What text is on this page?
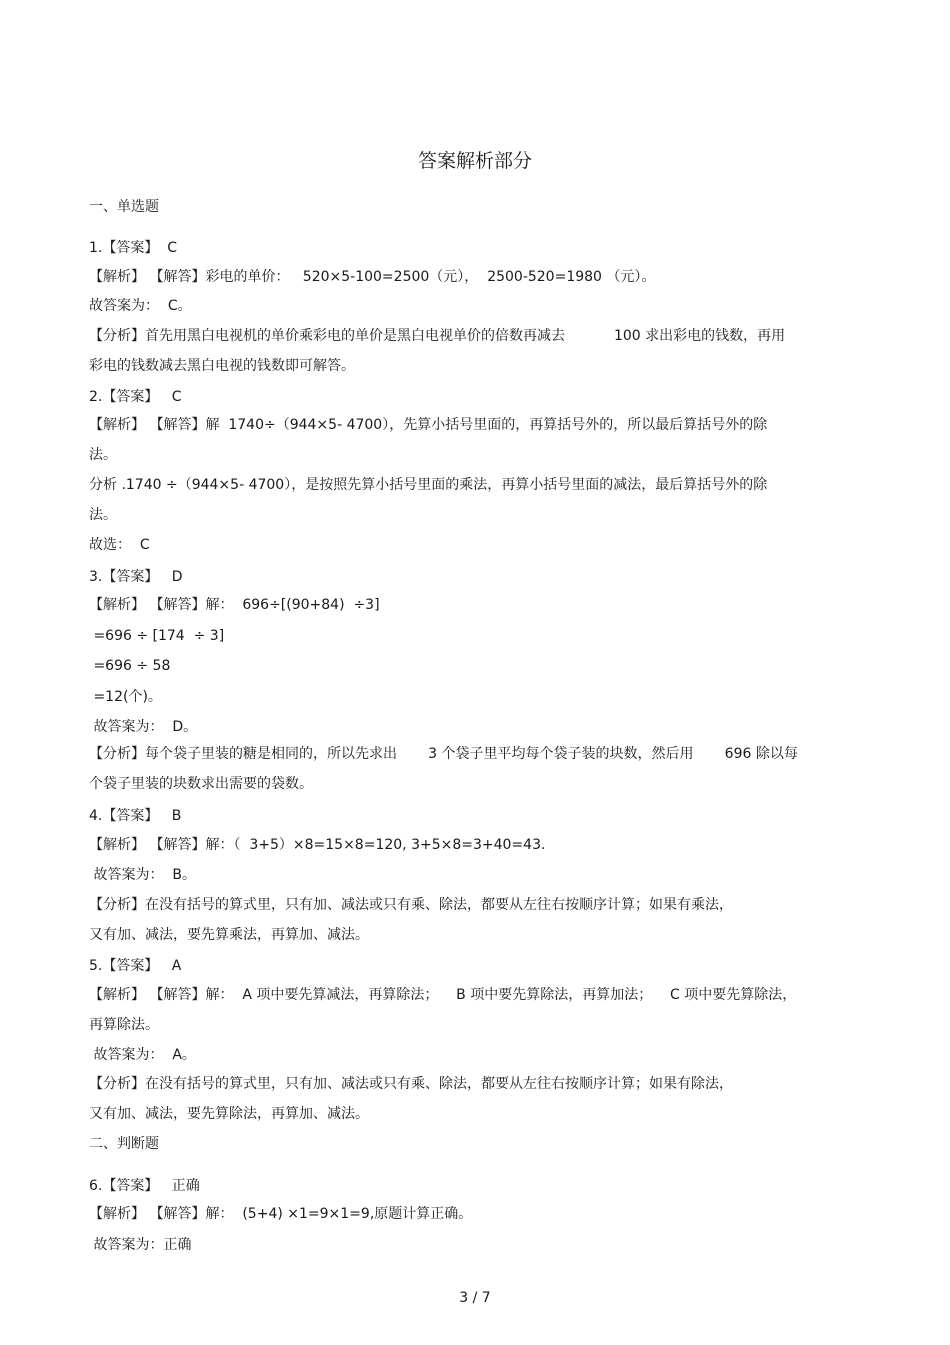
答案解析部分
一、单选题
1.【答案】  C
【解析】 【解答】彩电的单价：   520×5-100=2500（元），  2500-520=1980 （元）。
故答案为：  C。
【分析】首先用黑白电视机的单价乘彩电的单价是黑白电视单价的倍数再减去           100 求出彩电的钱数，再用
彩电的钱数减去黑白电视的钱数即可解答。
2.【答案】   C
【解析】 【解答】解  1740÷（944×5- 4700），先算小括号里面的，再算括号外的，所以最后算括号外的除
法。
分析 .1740 ÷（944×5- 4700），是按照先算小括号里面的乘法，再算小括号里面的减法，最后算括号外的除
法。
故选：  C
3.【答案】   D
【解析】 【解答】解：  696÷[(90+84)  ÷3]
=696 ÷ [174  ÷ 3]
=696 ÷ 58
=12(个)。
故答案为：  D。
【分析】每个袋子里装的糖是相同的，所以先求出       3 个袋子里平均每个袋子装的块数，然后用       696 除以每
个袋子里装的块数求出需要的袋数。
4.【答案】   B
【解析】 【解答】解：（  3+5）×8=15×8=120, 3+5×8=3+40=43.
故答案为：  B。
【分析】在没有括号的算式里，只有加、减法或只有乘、除法，都要从左往右按顺序计算；如果有乘法，
又有加、减法，要先算乘法，再算加、减法。
5.【答案】   A
【解析】 【解答】解：  A 项中要先算减法，再算除法；    B 项中要先算除法，再算加法；    C 项中要先算除法，
再算除法。
故答案为：  A。
【分析】在没有括号的算式里，只有加、减法或只有乘、除法，都要从左往右按顺序计算；如果有除法，
又有加、减法，要先算除法，再算加、减法。
二、判断题
6.【答案】   正确
【解析】 【解答】解：  (5+4) ×1=9×1=9,原题计算正确。
故答案为：正确
3 / 7
